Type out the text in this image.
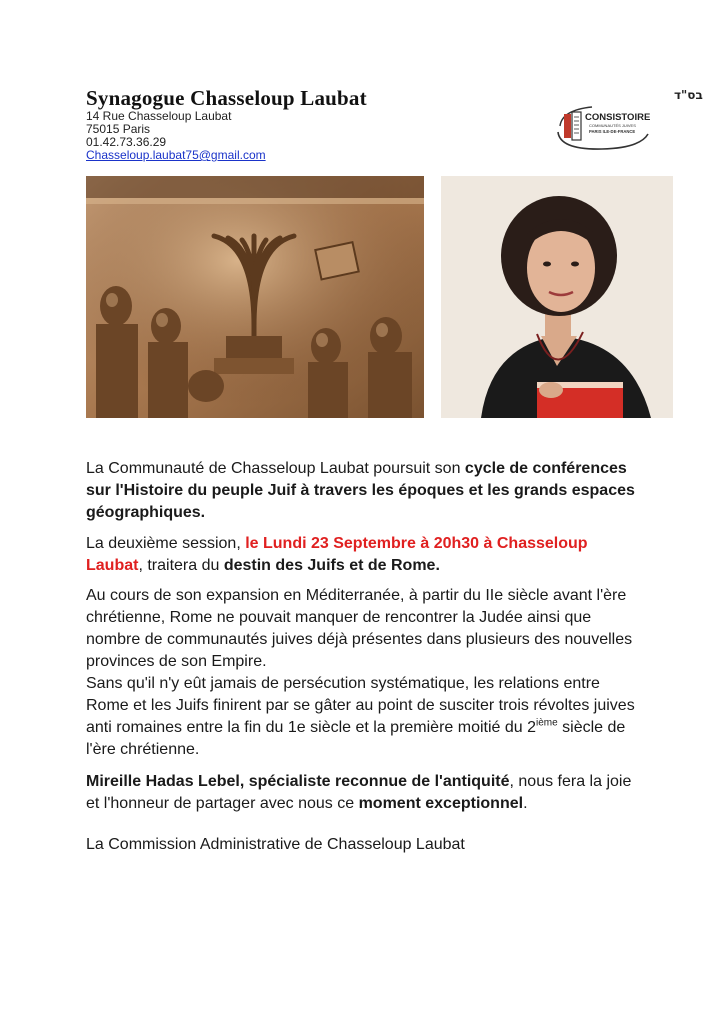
Synagogue Chasseloup Laubat
14 Rue Chasseloup Laubat
75015 Paris
01.42.73.36.29
Chasseloup.laubat75@gmail.com
בס"ד
CONSISTOIRE
COMMUNAUTÉS JUIVES
PARIS ILE-DE-FRANCE
La Communauté de Chasseloup Laubat poursuit son cycle de conférences sur l'Histoire du peuple Juif à travers les époques et les grands espaces géographiques.
La deuxième session, le Lundi 23 Septembre à 20h30 à Chasseloup Laubat, traitera du destin des Juifs et de Rome.
Au cours de son expansion en Méditerranée, à partir du IIe siècle avant l'ère chrétienne, Rome ne pouvait manquer de rencontrer la Judée ainsi que nombre de communautés juives déjà présentes dans plusieurs des nouvelles provinces de son Empire.
Sans qu'il n'y eût jamais de persécution systématique, les relations entre Rome et les Juifs finirent par se gâter au point de susciter trois révoltes juives anti romaines entre la fin du 1e siècle et la première moitié du 2ième siècle de l'ère chrétienne.
Mireille Hadas Lebel, spécialiste reconnue de l'antiquité, nous fera la joie et l'honneur de partager avec nous ce moment exceptionnel.
La Commission Administrative de Chasseloup Laubat
